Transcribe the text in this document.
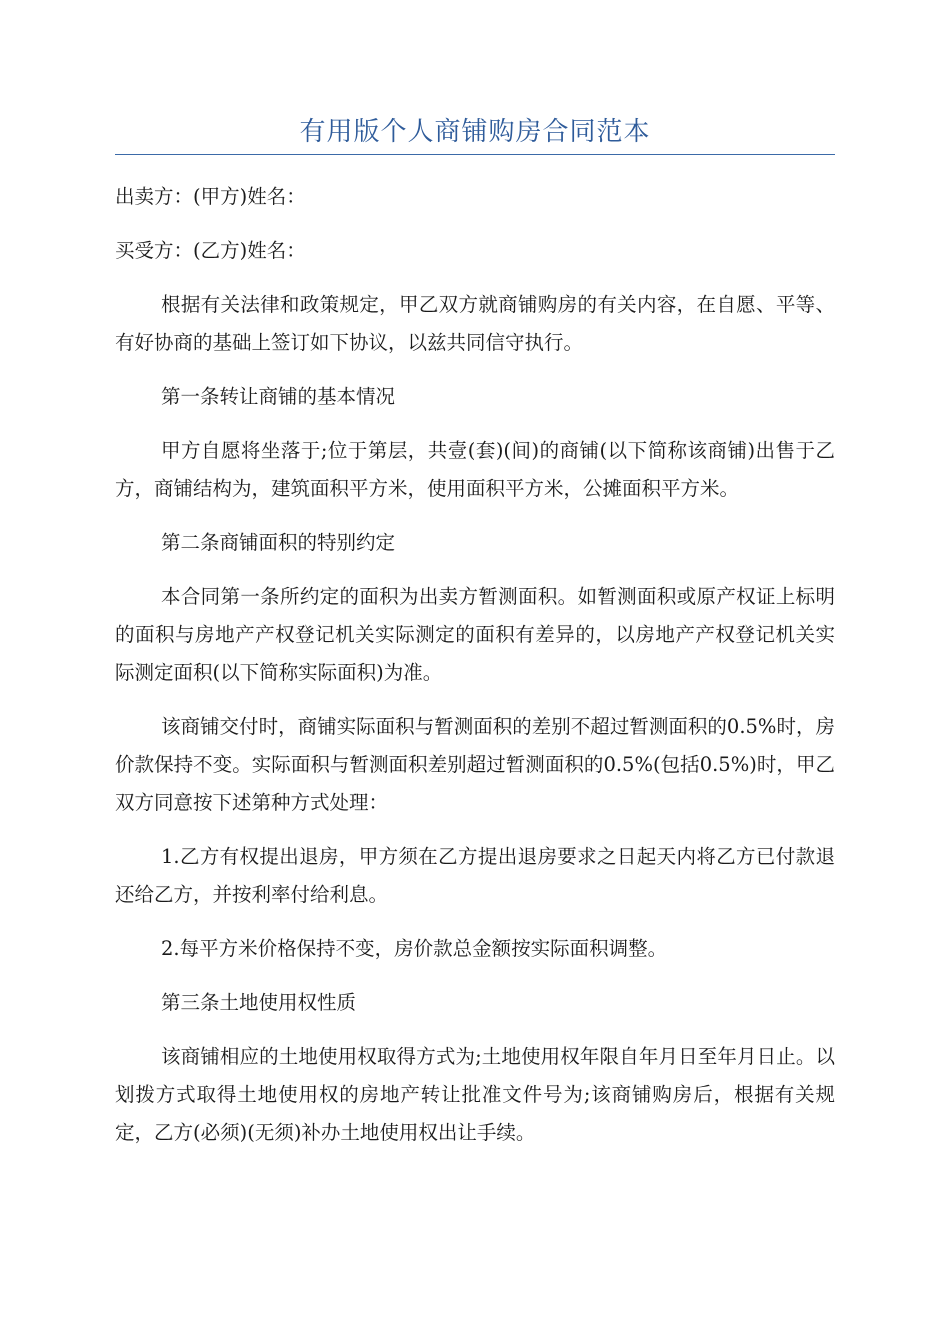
有用版个人商铺购房合同范本

出卖方：(甲方)姓名：

买受方：(乙方)姓名：

根据有关法律和政策规定，甲乙双方就商铺购房的有关内容，在自愿、平等、有好协商的基础上签订如下协议，以兹共同信守执行。

第一条转让商铺的基本情况

甲方自愿将坐落于;位于第层，共壹(套)(间)的商铺(以下简称该商铺)出售于乙方，商铺结构为，建筑面积平方米，使用面积平方米，公摊面积平方米。

第二条商铺面积的特别约定

本合同第一条所约定的面积为出卖方暂测面积。如暂测面积或原产权证上标明的面积与房地产产权登记机关实际测定的面积有差异的，以房地产产权登记机关实际测定面积(以下简称实际面积)为准。

该商铺交付时，商铺实际面积与暂测面积的差别不超过暂测面积的0.5%时，房价款保持不变。实际面积与暂测面积差别超过暂测面积的0.5%(包括0.5%)时，甲乙双方同意按下述第种方式处理：

1.乙方有权提出退房，甲方须在乙方提出退房要求之日起天内将乙方已付款退还给乙方，并按利率付给利息。

2.每平方米价格保持不变，房价款总金额按实际面积调整。

第三条土地使用权性质

该商铺相应的土地使用权取得方式为;土地使用权年限自年月日至年月日止。以划拨方式取得土地使用权的房地产转让批准文件号为;该商铺购房后，根据有关规定，乙方(必须)(无须)补办土地使用权出让手续。
